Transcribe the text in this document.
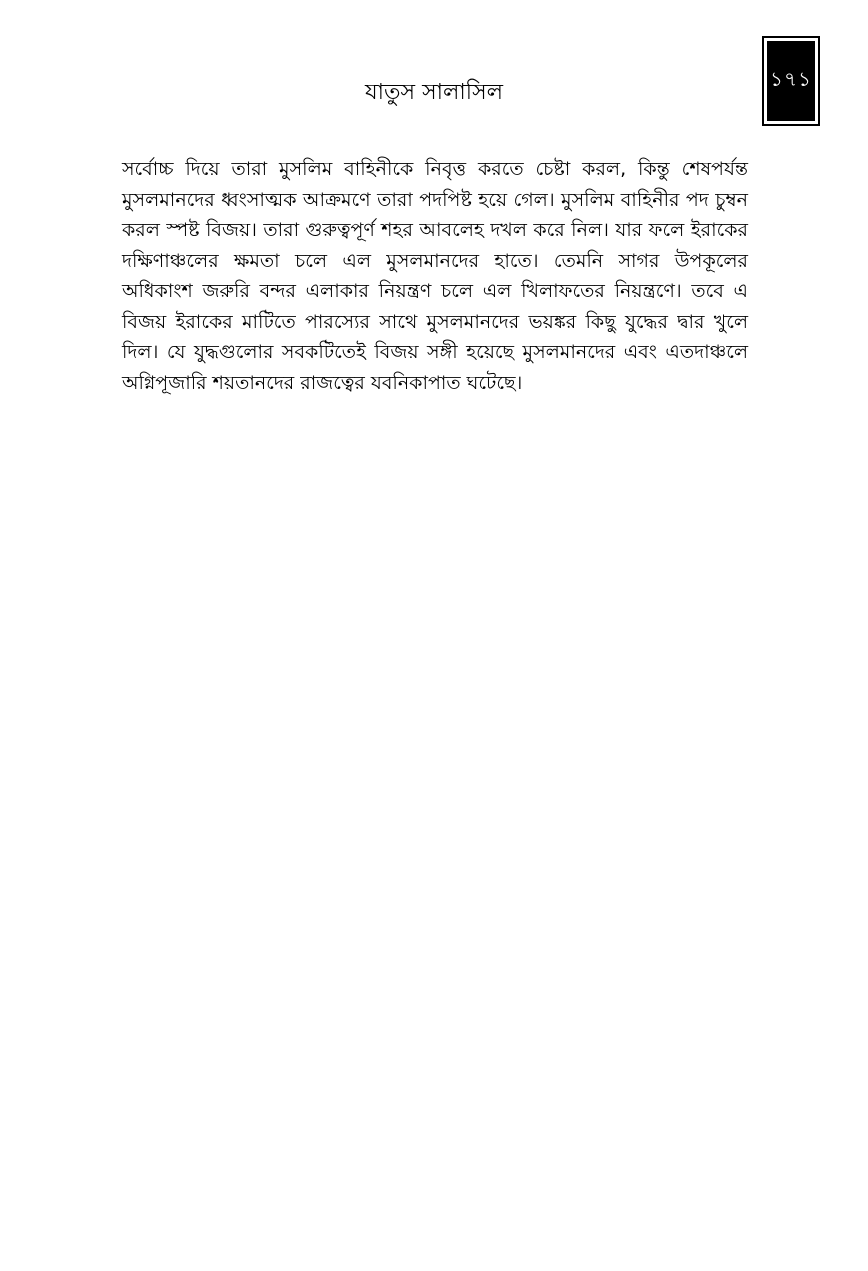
১৭১
যাতুস সালাসিল

সর্বোচ্চ দিয়ে তারা মুসলিম বাহিনীকে নিবৃত্ত করতে চেষ্টা করল, কিন্তু শেষপর্যন্ত মুসলমানদের ধ্বংসাত্মক আক্রমণে তারা পদপিষ্ট হয়ে গেল। মুসলিম বাহিনীর পদ চুম্বন করল স্পষ্ট বিজয়। তারা গুরুত্বপূর্ণ শহর আবলেহ দখল করে নিল। যার ফলে ইরাকের দক্ষিণাঞ্চলের ক্ষমতা চলে এল মুসলমানদের হাতে। তেমনি সাগর উপকূলের অধিকাংশ জরুরি বন্দর এলাকার নিয়ন্ত্রণ চলে এল খিলাফতের নিয়ন্ত্রণে। তবে এ বিজয় ইরাকের মাটিতে পারস্যের সাথে মুসলমানদের ভয়ঙ্কর কিছু যুদ্ধের দ্বার খুলে দিল। যে যুদ্ধগুলোর সবকটিতেই বিজয় সঙ্গী হয়েছে মুসলমানদের এবং এতদাঞ্চলে অগ্নিপূজারি শয়তানদের রাজত্বের যবনিকাপাত ঘটেছে।
